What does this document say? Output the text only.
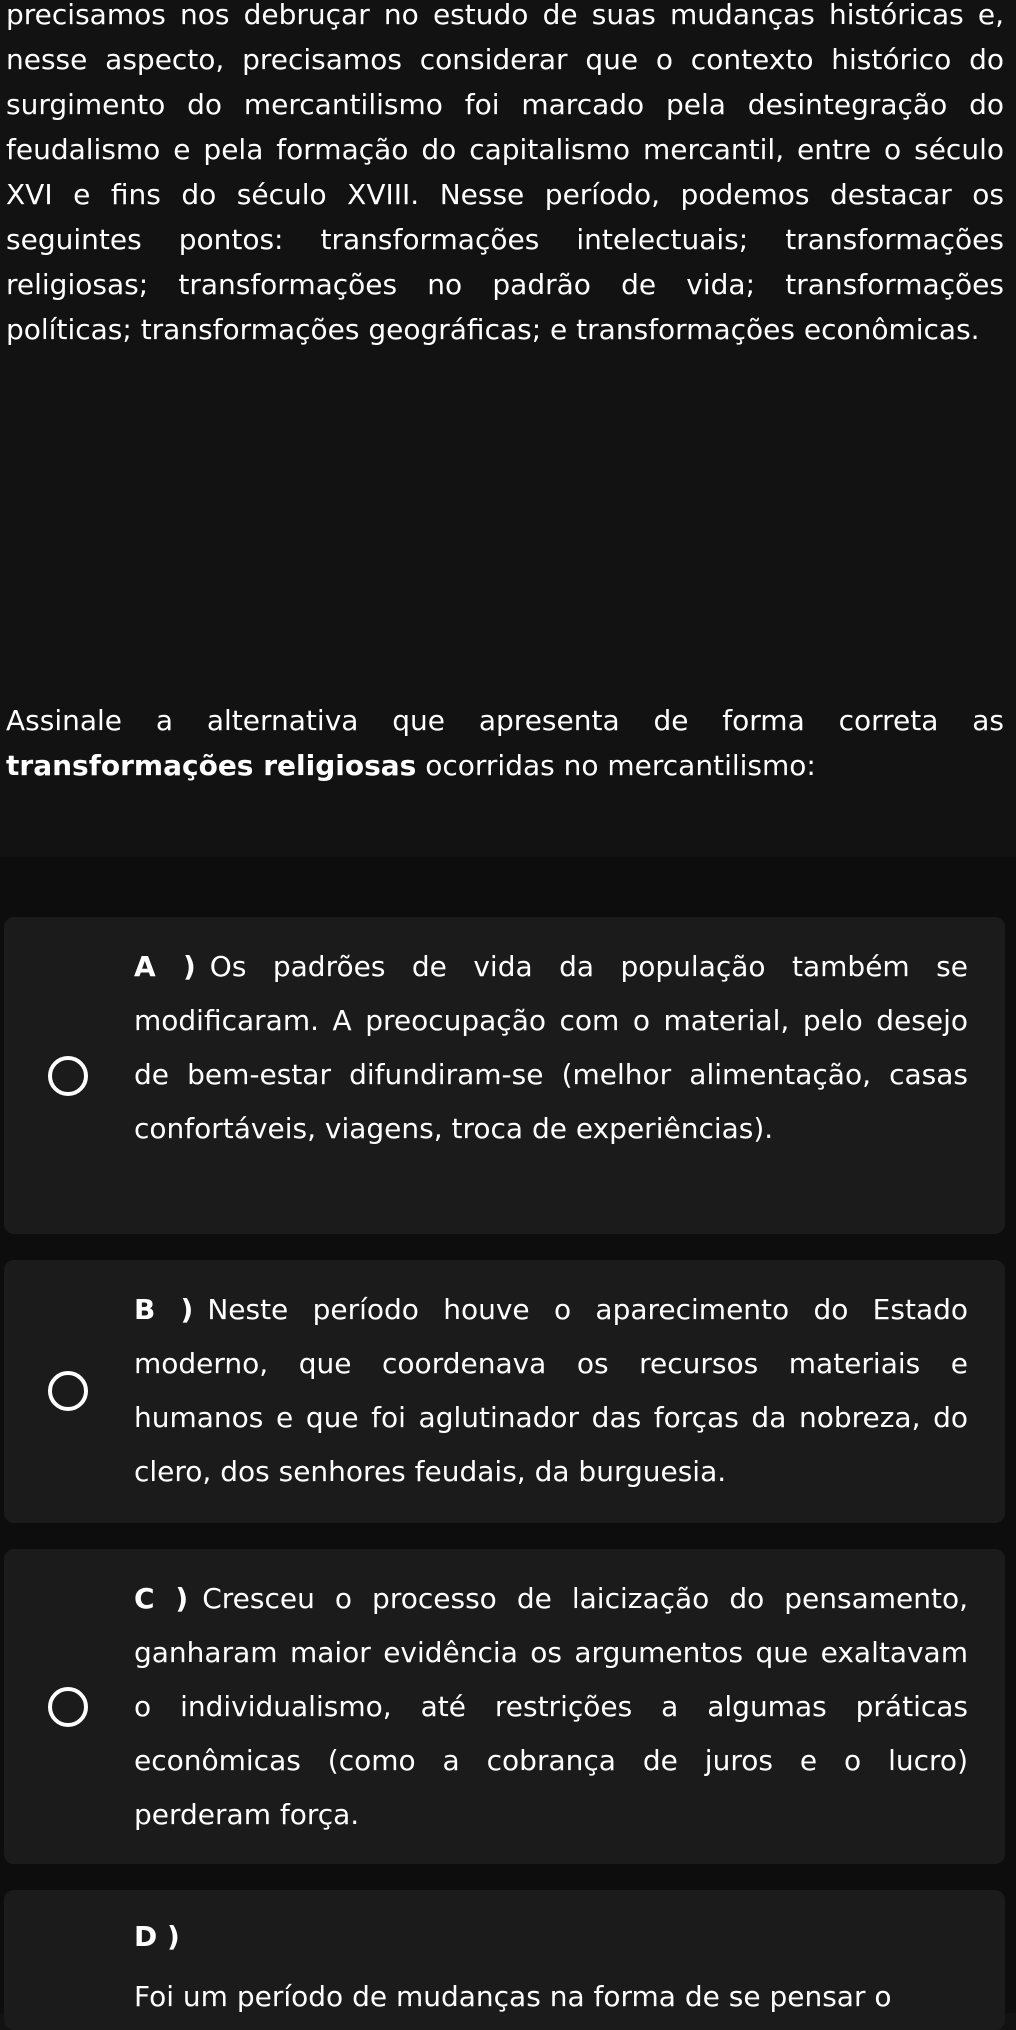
precisamos nos debruçar no estudo de suas mudanças históricas e, nesse aspecto, precisamos considerar que o contexto histórico do surgimento do mercantilismo foi marcado pela desintegração do feudalismo e pela formação do capitalismo mercantil, entre o século XVI e fins do século XVIII. Nesse período, podemos destacar os seguintes pontos: transformações intelectuais; transformações religiosas; transformações no padrão de vida; transformações políticas; transformações geográficas; e transformações econômicas.

Assinale a alternativa que apresenta de forma correta as transformações religiosas ocorridas no mercantilismo:

A ) Os padrões de vida da população também se modificaram. A preocupação com o material, pelo desejo de bem-estar difundiram-se (melhor alimentação, casas confortáveis, viagens, troca de experiências).

B ) Neste período houve o aparecimento do Estado moderno, que coordenava os recursos materiais e humanos e que foi aglutinador das forças da nobreza, do clero, dos senhores feudais, da burguesia.

C ) Cresceu o processo de laicização do pensamento, ganharam maior evidência os argumentos que exaltavam o individualismo, até restrições a algumas práticas econômicas (como a cobrança de juros e o lucro) perderam força.

D )

Foi um período de mudanças na forma de se pensar o
